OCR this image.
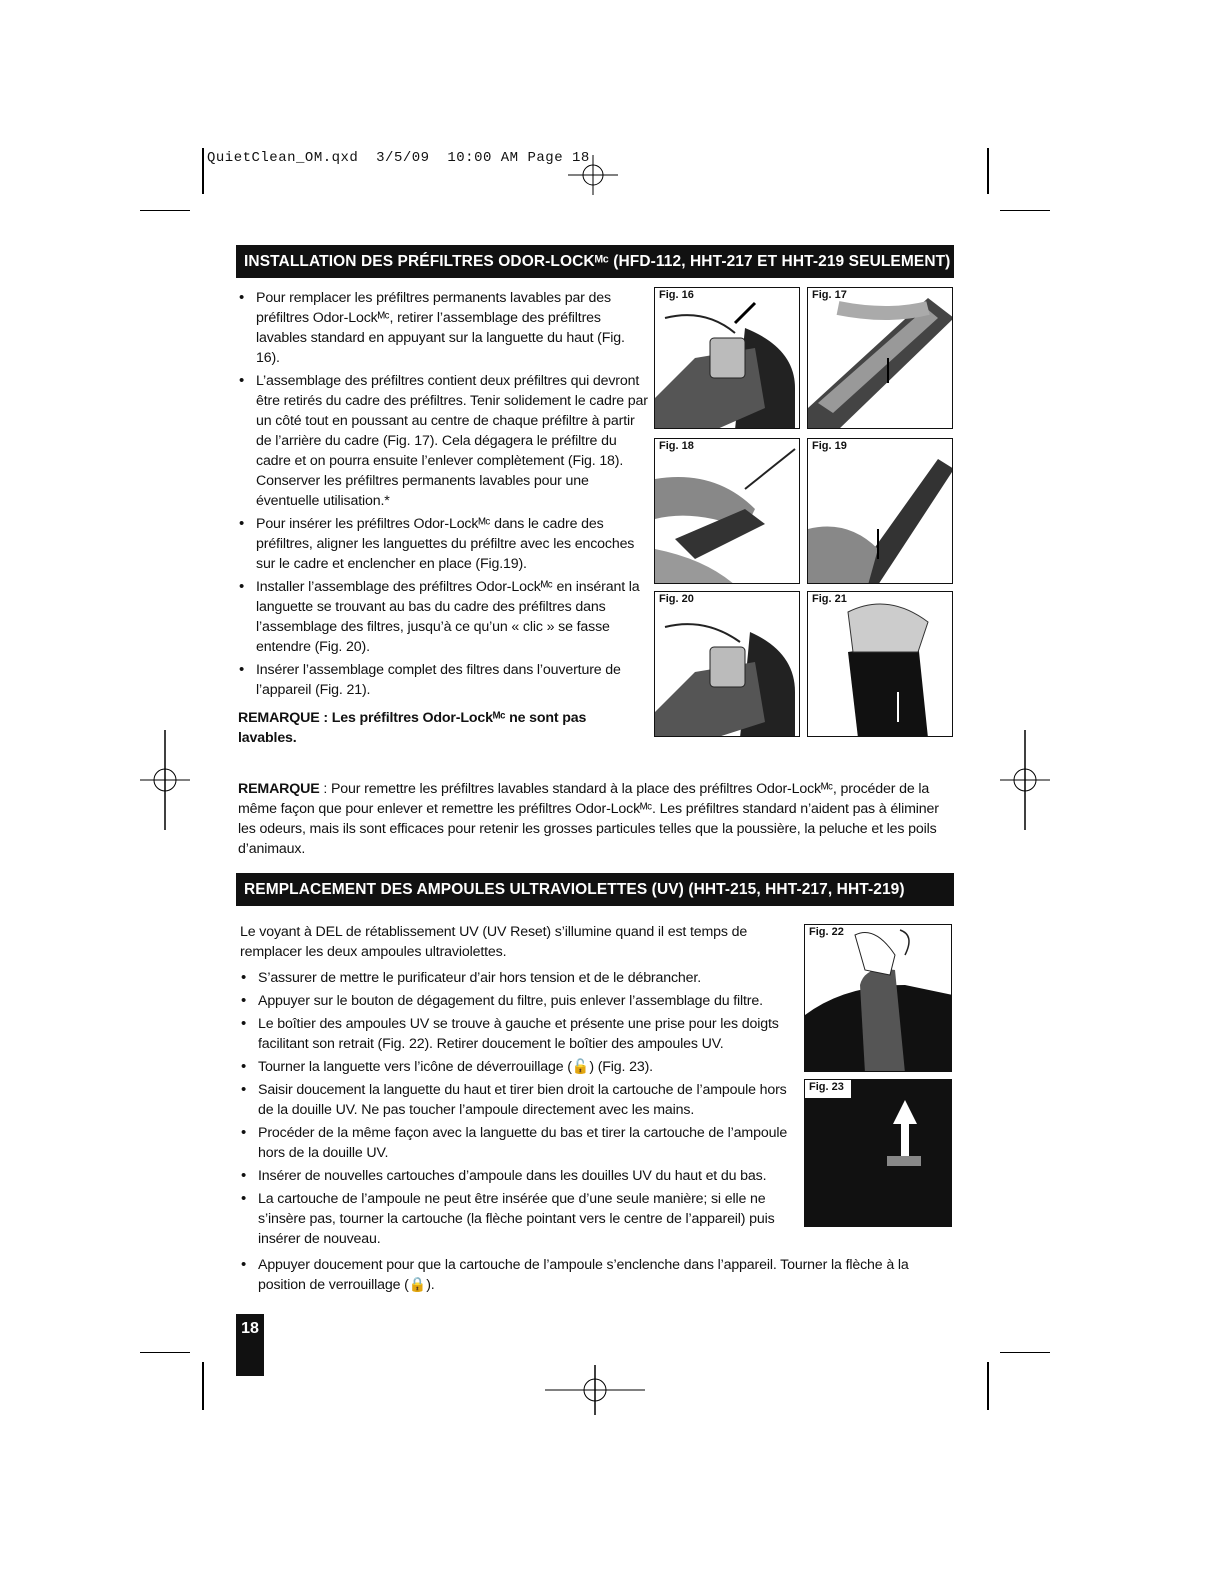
QuietClean_OM.qxd 3/5/09 10:00 AM Page 18
INSTALLATION DES PRÉFILTRES ODOR-LOCKᴹᶜ (HFD-112, HHT-217 ET HHT-219 SEULEMENT)
• Pour remplacer les préfiltres permanents lavables par des préfiltres Odor-Lockᴹᶜ, retirer l’assemblage des préfiltres lavables standard en appuyant sur la languette du haut (Fig. 16).
• L’assemblage des préfiltres contient deux préfiltres qui devront être retirés du cadre des préfiltres. Tenir solidement le cadre par un côté tout en poussant au centre de chaque préfiltre à partir de l’arrière du cadre (Fig. 17). Cela dégagera le préfiltre du cadre et on pourra ensuite l’enlever complètement (Fig. 18). Conserver les préfiltres permanents lavables pour une éventuelle utilisation.*
• Pour insérer les préfiltres Odor-Lockᴹᶜ dans le cadre des préfiltres, aligner les languettes du préfiltre avec les encoches sur le cadre et enclencher en place (Fig.19).
• Installer l’assemblage des préfiltres Odor-Lockᴹᶜ en insérant la languette se trouvant au bas du cadre des préfiltres dans l’assemblage des filtres, jusqu’à ce qu’un « clic » se fasse entendre (Fig. 20).
• Insérer l’assemblage complet des filtres dans l’ouverture de l’appareil (Fig. 21).
REMARQUE : Les préfiltres Odor-Lockᴹᶜ ne sont pas lavables.
Fig. 16	Fig. 17
Fig. 18	Fig. 19
Fig. 20	Fig. 21
REMARQUE : Pour remettre les préfiltres lavables standard à la place des préfiltres Odor-Lockᴹᶜ, procéder de la même façon que pour enlever et remettre les préfiltres Odor-Lockᴹᶜ. Les préfiltres standard n’aident pas à éliminer les odeurs, mais ils sont efficaces pour retenir les grosses particules telles que la poussière, la peluche et les poils d’animaux.
REMPLACEMENT DES AMPOULES ULTRAVIOLETTES (UV) (HHT-215, HHT-217, HHT-219)
Le voyant à DEL de rétablissement UV (UV Reset) s’illumine quand il est temps de remplacer les deux ampoules ultraviolettes.
• S’assurer de mettre le purificateur d’air hors tension et de le débrancher.
• Appuyer sur le bouton de dégagement du filtre, puis enlever l’assemblage du filtre.
• Le boîtier des ampoules UV se trouve à gauche et présente une prise pour les doigts facilitant son retrait (Fig. 22). Retirer doucement le boîtier des ampoules UV.
• Tourner la languette vers l’icône de déverrouillage (🔓) (Fig. 23).
• Saisir doucement la languette du haut et tirer bien droit la cartouche de l’ampoule hors de la douille UV. Ne pas toucher l’ampoule directement avec les mains.
• Procéder de la même façon avec la languette du bas et tirer la cartouche de l’ampoule hors de la douille UV.
• Insérer de nouvelles cartouches d’ampoule dans les douilles UV du haut et du bas.
• La cartouche de l’ampoule ne peut être insérée que d’une seule manière; si elle ne s’insère pas, tourner la cartouche (la flèche pointant vers le centre de l’appareil) puis insérer de nouveau.
• Appuyer doucement pour que la cartouche de l’ampoule s’enclenche dans l’appareil. Tourner la flèche à la position de verrouillage (🔒).
Fig. 22
Fig. 23
18
